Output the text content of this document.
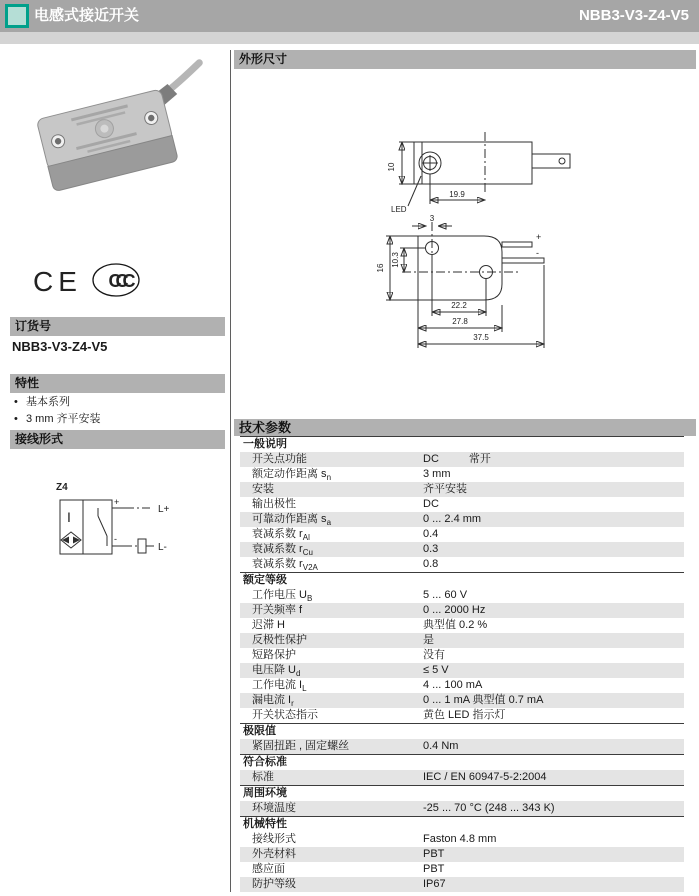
电感式接近开关	NBB3-V3-Z4-V5
CE CCC
订货号
NBB3-V3-Z4-V5
特性
• 基本系列
• 3 mm 齐平安装
接线形式
Z4
I
+
L+
-
L-
外形尺寸
10
19.9
LED
3
16
10.3
+
-
22.2
27.8
37.5
技术参数
一般说明
开关点功能	DC	常开
额定动作距离 $s_n$	3 mm
安装	齐平安装
输出极性	DC
可靠动作距离 $s_a$	0 ... 2.4 mm
衰减系数 $r_{Al}$	0.4
衰减系数 $r_{Cu}$	0.3
衰减系数 $r_{V2A}$	0.8
额定等级
工作电压 $U_B$	5 ... 60 V
开关频率 f	0 ... 2000 Hz
迟滞 H	典型值 0.2 %
反极性保护	是
短路保护	没有
电压降 $U_d$	≤ 5 V
工作电流 $I_L$	4 ... 100 mA
漏电流 $I_r$	0 ... 1 mA 典型值 0.7 mA
开关状态指示	黄色 LED 指示灯
极限值
紧固扭距 , 固定螺丝	0.4 Nm
符合标准
标准	IEC / EN 60947-5-2:2004
周围环境
环境温度	-25 ... 70 °C (248 ... 343 K)
机械特性
接线形式	Faston 4.8 mm
外壳材料	PBT
感应面	PBT
防护等级	IP67
